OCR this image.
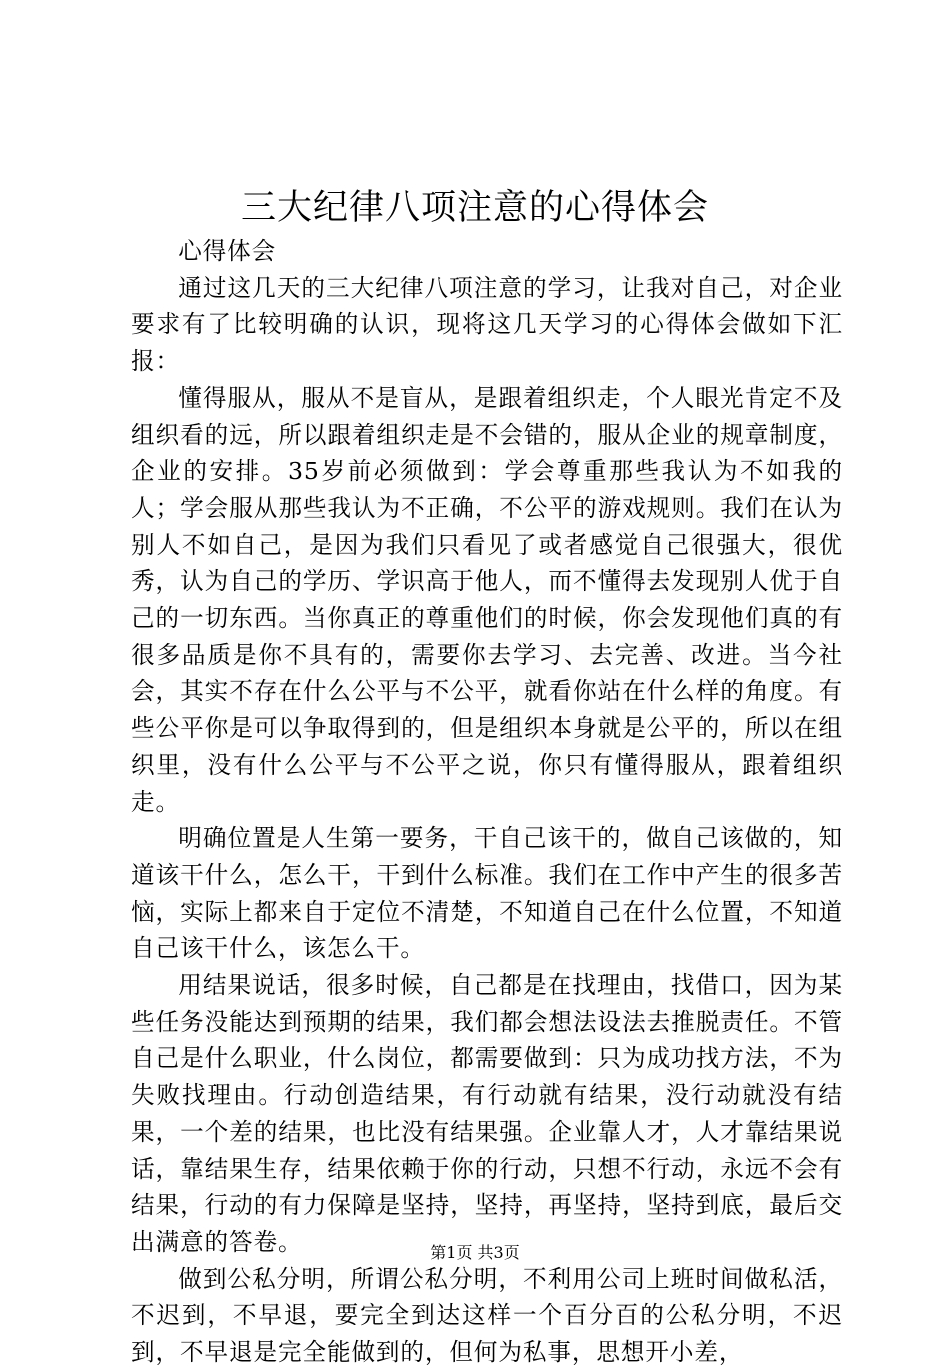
三大纪律八项注意的心得体会

心得体会

通过这几天的三大纪律八项注意的学习，让我对自己，对企业要求有了比较明确的认识，现将这几天学习的心得体会做如下汇报：

懂得服从，服从不是盲从，是跟着组织走，个人眼光肯定不及组织看的远，所以跟着组织走是不会错的，服从企业的规章制度，企业的安排。35岁前必须做到：学会尊重那些我认为不如我的人；学会服从那些我认为不正确，不公平的游戏规则。我们在认为别人不如自己，是因为我们只看见了或者感觉自己很强大，很优秀，认为自己的学历、学识高于他人，而不懂得去发现别人优于自己的一切东西。当你真正的尊重他们的时候，你会发现他们真的有很多品质是你不具有的，需要你去学习、去完善、改进。当今社会，其实不存在什么公平与不公平，就看你站在什么样的角度。有些公平你是可以争取得到的，但是组织本身就是公平的，所以在组织里，没有什么公平与不公平之说，你只有懂得服从，跟着组织走。

明确位置是人生第一要务，干自己该干的，做自己该做的，知道该干什么，怎么干，干到什么标准。我们在工作中产生的很多苦恼，实际上都来自于定位不清楚，不知道自己在什么位置，不知道自己该干什么，该怎么干。

用结果说话，很多时候，自己都是在找理由，找借口，因为某些任务没能达到预期的结果，我们都会想法设法去推脱责任。不管自己是什么职业，什么岗位，都需要做到：只为成功找方法，不为失败找理由。行动创造结果，有行动就有结果，没行动就没有结果，一个差的结果，也比没有结果强。企业靠人才，人才靠结果说话，靠结果生存，结果依赖于你的行动，只想不行动，永远不会有结果，行动的有力保障是坚持，坚持，再坚持，坚持到底，最后交出满意的答卷。

做到公私分明，所谓公私分明，不利用公司上班时间做私活，不迟到，不早退，要完全到达这样一个百分百的公私分明，不迟到，不早退是完全能做到的，但何为私事，思想开小差，

第1页 共3页
